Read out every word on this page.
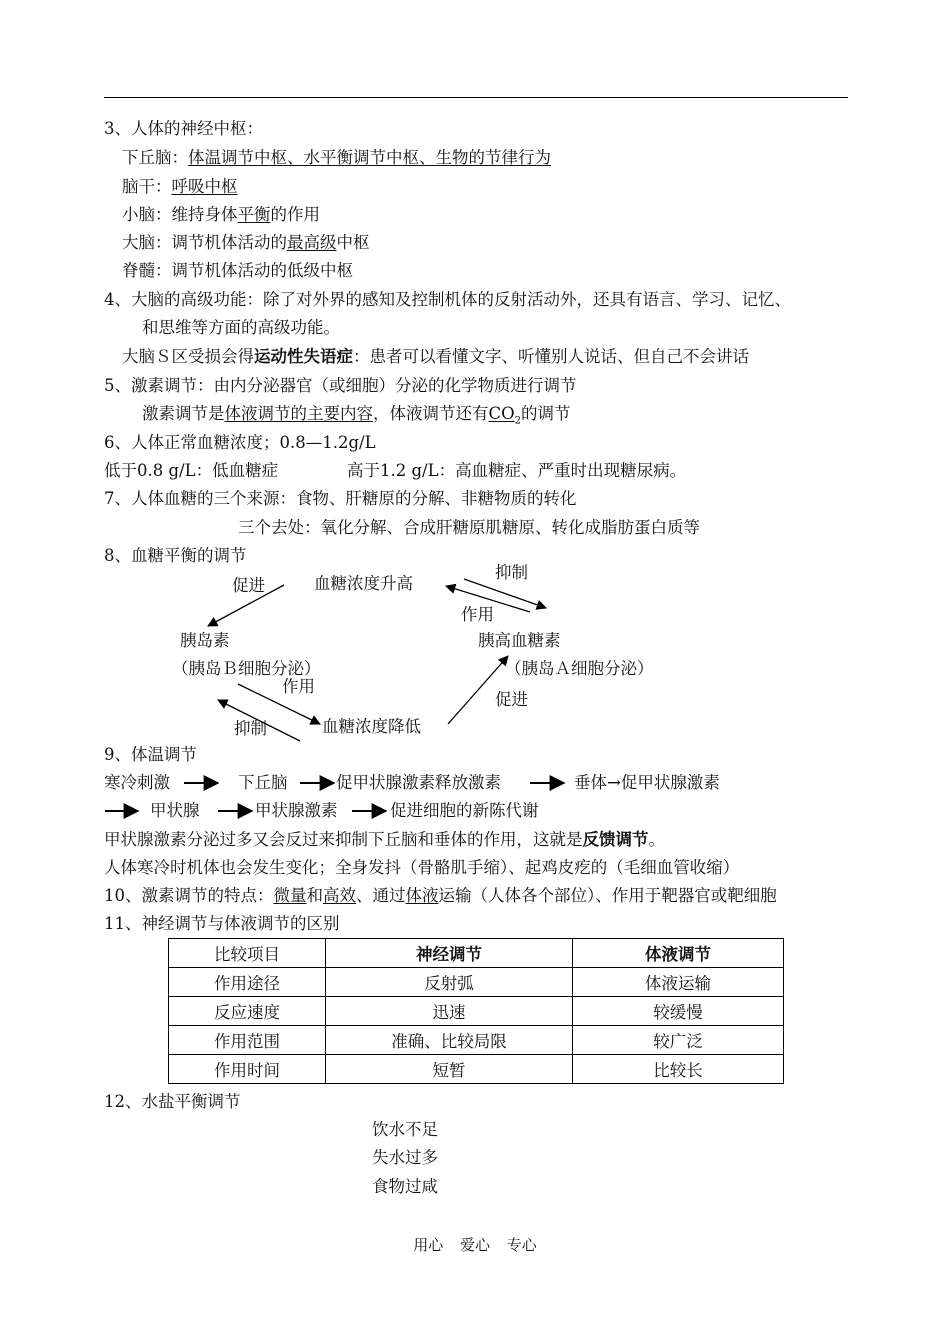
3、人体的神经中枢：
下丘脑：体温调节中枢、水平衡调节中枢、生物的节律行为
脑干：呼吸中枢
小脑：维持身体平衡的作用
大脑：调节机体活动的最高级中枢
脊髓：调节机体活动的低级中枢
4、大脑的高级功能：除了对外界的感知及控制机体的反射活动外，还具有语言、学习、记忆、
和思维等方面的高级功能。
大脑Ｓ区受损会得运动性失语症：患者可以看懂文字、听懂别人说话、但自己不会讲话
5、激素调节：由内分泌器官（或细胞）分泌的化学物质进行调节
激素调节是体液调节的主要内容，体液调节还有$CO_2$的调节
6、人体正常血糖浓度；0.8—1.2g/L
低于0.8 g/L：低血糖症	高于1.2 g/L：高血糖症、严重时出现糖尿病。
7、人体血糖的三个来源：食物、肝糖原的分解、非糖物质的转化
三个去处：氧化分解、合成肝糖原肌糖原、转化成脂肪蛋白质等
8、血糖平衡的调节
血糖浓度升高
促进
抑制
作用
胰岛素
（胰岛Ｂ细胞分泌）
胰高血糖素
（胰岛Ａ细胞分泌）
作用
促进
抑制	血糖浓度降低
9、体温调节
寒冷刺激	下丘脑	促甲状腺激素释放激素	垂体→促甲状腺激素
甲状腺	甲状腺激素	促进细胞的新陈代谢
甲状腺激素分泌过多又会反过来抑制下丘脑和垂体的作用，这就是反馈调节。
人体寒冷时机体也会发生变化；全身发抖（骨骼肌手缩）、起鸡皮疙的（毛细血管收缩）
10、激素调节的特点：微量和高效、通过体液运输（人体各个部位）、作用于靶器官或靶细胞
11、神经调节与体液调节的区别
比较项目	神经调节	体液调节
作用途径	反射弧	体液运输
反应速度	迅速	较缓慢
作用范围	准确、比较局限	较广泛
作用时间	短暂	比较长
12、水盐平衡调节
饮水不足
失水过多
食物过咸
用心 爱心 专心
